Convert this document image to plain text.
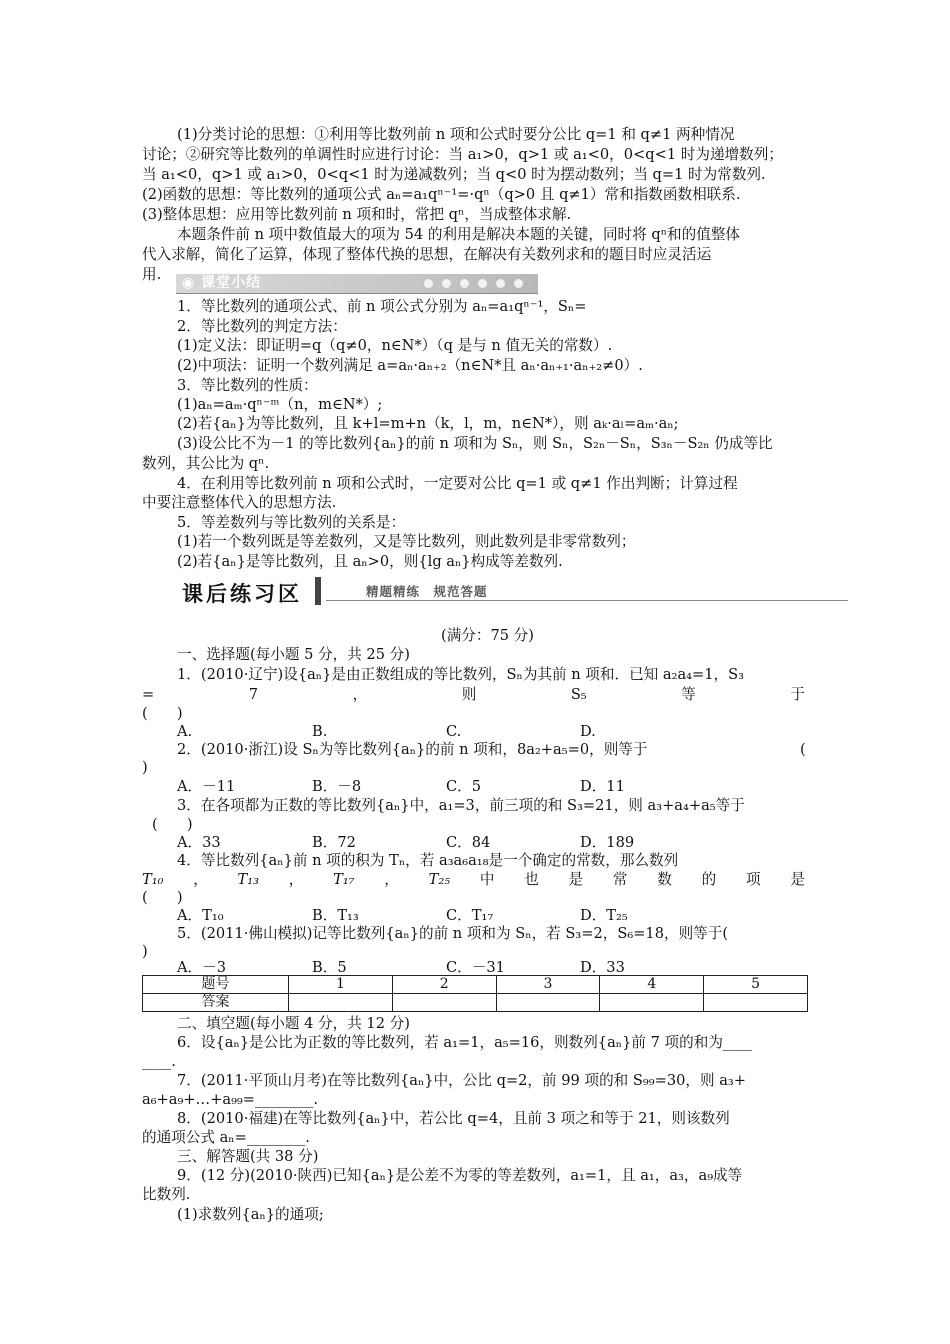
(1)分类讨论的思想：①利用等比数列前 n 项和公式时要分公比 q=1 和 q≠1 两种情况
讨论；②研究等比数列的单调性时应进行讨论：当 a₁>0，q>1 或 a₁<0，0<q<1 时为递增数列；
当 a₁<0，q>1 或 a₁>0，0<q<1 时为递减数列；当 q<0 时为摆动数列；当 q=1 时为常数列.
(2)函数的思想：等比数列的通项公式 aₙ=a₁qⁿ⁻¹=·qⁿ（q>0 且 q≠1）常和指数函数相联系.
(3)整体思想：应用等比数列前 n 项和时，常把 qⁿ，当成整体求解.
本题条件前 n 项中数值最大的项为 54 的利用是解决本题的关键，同时将 qⁿ和的值整体
代入求解，简化了运算，体现了整体代换的思想，在解决有关数列求和的题目时应灵活运
用. ◉ 课堂小结
1．等比数列的通项公式、前 n 项公式分别为 aₙ=a₁qⁿ⁻¹，Sₙ=
2．等比数列的判定方法：
(1)定义法：即证明=q（q≠0，n∈N*）（q 是与 n 值无关的常数）.
(2)中项法：证明一个数列满足 a=aₙ·aₙ₊₂（n∈N*且 aₙ·aₙ₊₁·aₙ₊₂≠0）.
3．等比数列的性质：
(1)aₙ=aₘ·qⁿ⁻ᵐ（n，m∈N*）;
(2)若{aₙ}为等比数列，且 k+l=m+n（k，l，m，n∈N*），则 aₖ·aₗ=aₘ·aₙ;
(3)设公比不为－1 的等比数列{aₙ}的前 n 项和为 Sₙ，则 Sₙ，S₂ₙ－Sₙ，S₃ₙ－S₂ₙ 仍成等比
数列，其公比为 qⁿ.
4．在利用等比数列前 n 项和公式时，一定要对公比 q=1 或 q≠1 作出判断；计算过程
中要注意整体代入的思想方法.
5．等差数列与等比数列的关系是：
(1)若一个数列既是等差数列，又是等比数列，则此数列是非零常数列；
(2)若{aₙ}是等比数列，且 aₙ>0，则{lg aₙ}构成等差数列.
课后练习区	精题精练　规范答题
(满分：75 分)
一、选择题(每小题 5 分，共 25 分)
1．(2010·辽宁)设{aₙ}是由正数组成的等比数列，Sₙ为其前 n 项和．已知 a₂a₄=1，S₃
=	7	，	则	S₅	等	于
(　　)
A.	B.	C.	D.
2．(2010·浙江)设 Sₙ为等比数列{aₙ}的前 n 项和，8a₂+a₅=0，则等于	(
)
A．－11	B．－8	C．5	D．11
3．在各项都为正数的等比数列{aₙ}中，a₁=3，前三项的和 S₃=21，则 a₃+a₄+a₅等于
(　　)
A．33	B．72	C．84	D．189
4．等比数列{aₙ}前 n 项的积为 Tₙ，若 a₃a₆a₁₈是一个确定的常数，那么数列
T₁₀ ， T₁₃ ， T₁₇ ， T₂₅ 中 也 是 常 数 的 项 是
(　　)
A．T₁₀	B．T₁₃	C．T₁₇	D．T₂₅
5．(2011·佛山模拟)记等比数列{aₙ}的前 n 项和为 Sₙ，若 S₃=2，S₆=18，则等于(
)
A．－3	B．5	C．－31	D．33
题号	1	2	3	4	5
答案					
二、填空题(每小题 4 分，共 12 分)
6．设{aₙ}是公比为正数的等比数列，若 a₁=1，a₅=16，则数列{aₙ}前 7 项的和为____
____.
7．(2011·平顶山月考)在等比数列{aₙ}中，公比 q=2，前 99 项的和 S₉₉=30，则 a₃+
a₆+a₉+…+a₉₉=________.
8．(2010·福建)在等比数列{aₙ}中，若公比 q=4，且前 3 项之和等于 21，则该数列
的通项公式 aₙ=________.
三、解答题(共 38 分)
9．(12 分)(2010·陕西)已知{aₙ}是公差不为零的等差数列，a₁=1，且 a₁，a₃，a₉成等
比数列.
(1)求数列{aₙ}的通项;
